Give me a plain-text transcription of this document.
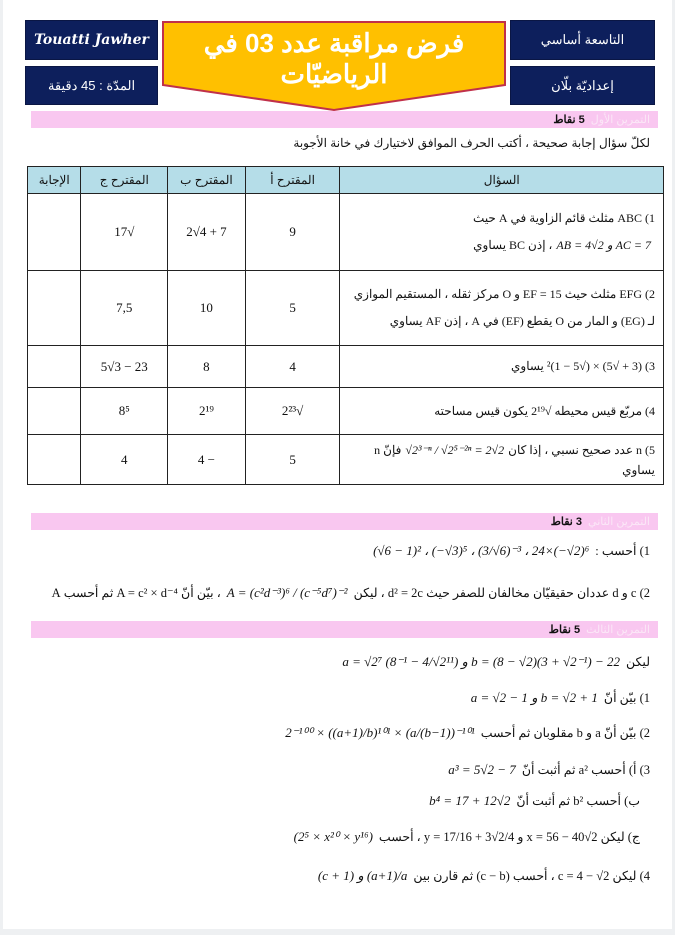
Touatti Jawher
المدّة : 45 دقيقة
فرض مراقبة عدد 03 في الرياضيّات
التاسعة أساسي
إعداديّة بلّان
التمرين الأول
5 نقاط
لكلّ سؤال إجابة صحيحة ، أكتب الحرف الموافق لاختيارك في خانة الأجوبة
السؤال	المقترح أ	المقترح ب	المقترح ج	الإجابة

1) ABC مثلث قائم الزاوية في A حيث
AB = 4√2 و AC = 7، إذن BC يساوي	9	7 + 4√2	√17	

2) EFG مثلث حيث EF = 15 و O مركز ثقله ، المستقيم الموازي
لـ (EG) و المار من O يقطع (EF) في A ، إذن AF يساوي	5	10	7,5	
3) (3 + √5) × (√5 − 1)² يساوي	4	8	23 − 3√5	
4) مربّع قيس محيطه √2¹⁹ يكون قيس مساحته	√2²³	2¹⁹	8⁵	

5) n عدد صحيح نسبي ، إذا كان√2³⁻ⁿ / √2⁵⁻²ⁿ = 2√2فإنّ n يساوي	5	− 4	4	
التمرين الثاني
3 نقاط
1) أحسب :(√6 − 1)² ، (−√3)⁵ ، (3/√6)⁻³ ، 24×(−√2)⁶
2) c و d عددان حقيقيّان مخالفان للصفر حيث d² = 2c ، ليكنA = (c²d⁻³)⁶ / (c⁻⁵d⁷)⁻²، بيّن أنّ A = c² × d⁻⁴ ثم أحسب A
التمرين الثالث
5 نقاط
ليكنa = √2⁷ (8⁻¹ − 4/√2¹¹) و b = (8 − √2)(3 + √2⁻¹) − 22
1) بيّن أنّa = √2 − 1 و b = √2 + 1
2) بيّن أنّ a و b مقلوبان ثم أحسب2⁻¹⁰⁰ × ((a+1)/b)¹⁰¹ × (a/(b−1))⁻¹⁰¹
3) أ) أحسب a² ثم أثبت أنّa³ = 5√2 − 7
ب) أحسب b² ثم أثبت أنّb⁴ = 17 + 12√2
ج) ليكن x = 56 − 40√2 و y = 17/16 + 3√2/4 ، أحسب(2⁵ × x²⁰ × y¹⁶)
4) ليكن c = 4 − √2 ، أحسب (c − b) ثم قارن بين(c + 1) و (a+1)/a
